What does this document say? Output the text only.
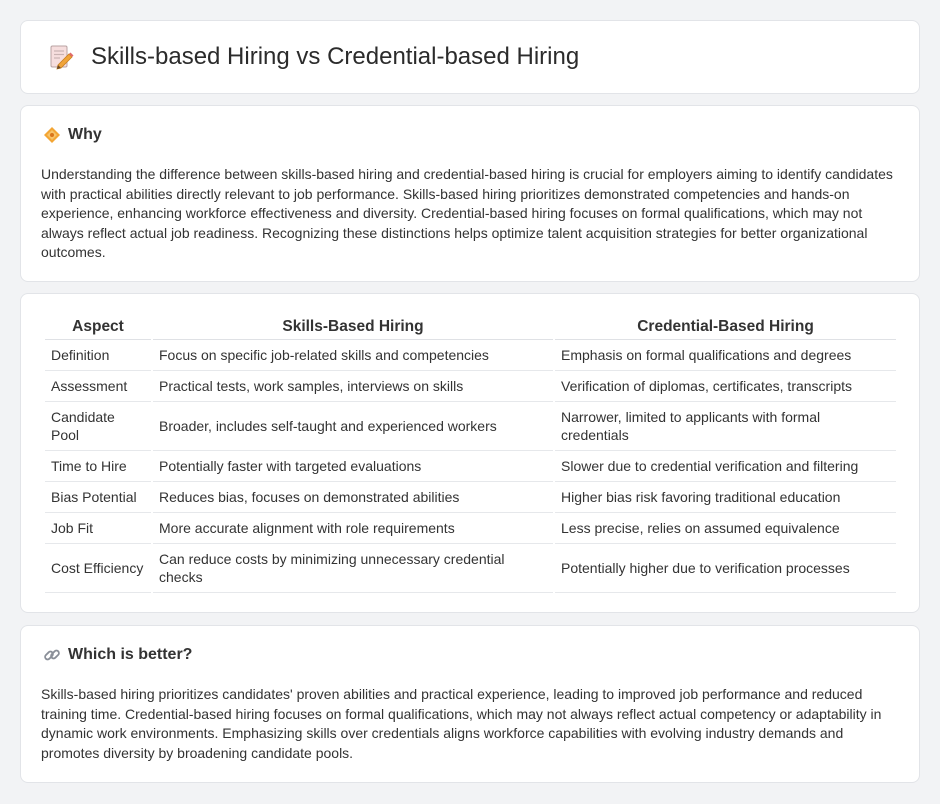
Skills-based Hiring vs Credential-based Hiring
Why

Understanding the difference between skills-based hiring and credential-based hiring is crucial for employers aiming to identify candidates with practical abilities directly relevant to job performance. Skills-based hiring prioritizes demonstrated competencies and hands-on experience, enhancing workforce effectiveness and diversity. Credential-based hiring focuses on formal qualifications, which may not always reflect actual job readiness. Recognizing these distinctions helps optimize talent acquisition strategies for better organizational outcomes.

Aspect	Skills-Based Hiring	Credential-Based Hiring
Definition	Focus on specific job-related skills and competencies	Emphasis on formal qualifications and degrees
Assessment	Practical tests, work samples, interviews on skills	Verification of diplomas, certificates, transcripts
Candidate Pool	Broader, includes self-taught and experienced workers	Narrower, limited to applicants with formal credentials
Time to Hire	Potentially faster with targeted evaluations	Slower due to credential verification and filtering
Bias Potential	Reduces bias, focuses on demonstrated abilities	Higher bias risk favoring traditional education
Job Fit	More accurate alignment with role requirements	Less precise, relies on assumed equivalence
Cost Efficiency	Can reduce costs by minimizing unnecessary credential checks	Potentially higher due to verification processes
Which is better?

Skills-based hiring prioritizes candidates' proven abilities and practical experience, leading to improved job performance and reduced training time. Credential-based hiring focuses on formal qualifications, which may not always reflect actual competency or adaptability in dynamic work environments. Emphasizing skills over credentials aligns workforce capabilities with evolving industry demands and promotes diversity by broadening candidate pools.
